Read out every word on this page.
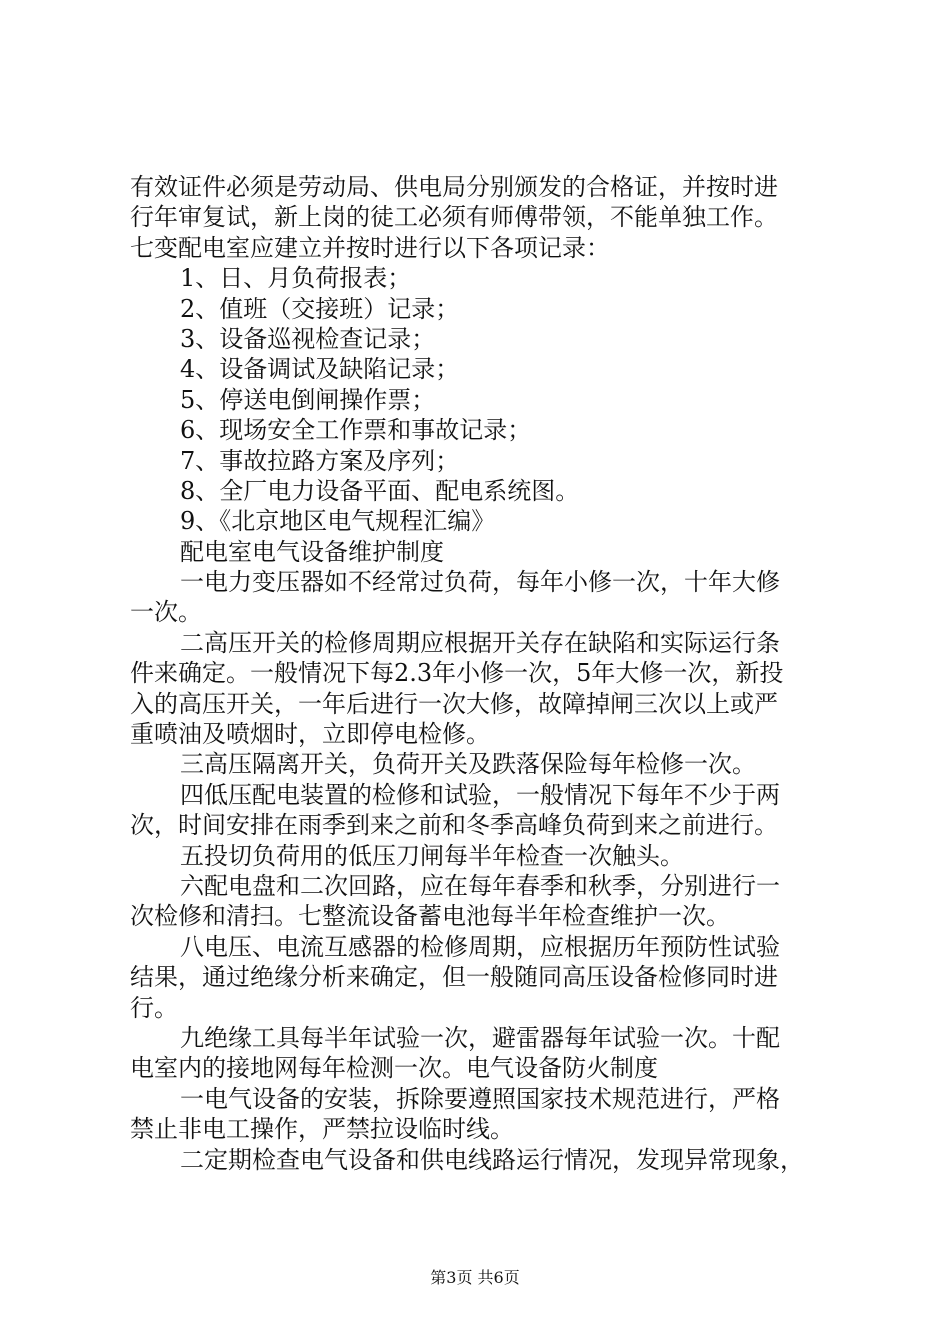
有效证件必须是劳动局、供电局分别颁发的合格证，并按时进

行年审复试，新上岗的徒工必须有师傅带领，不能单独工作。

七变配电室应建立并按时进行以下各项记录：

1、日、月负荷报表；

2、值班（交接班）记录；

3、设备巡视检查记录；

4、设备调试及缺陷记录；

5、停送电倒闸操作票；

6、现场安全工作票和事故记录；

7、事故拉路方案及序列；

8、全厂电力设备平面、配电系统图。

9、《北京地区电气规程汇编》

配电室电气设备维护制度

一电力变压器如不经常过负荷，每年小修一次，十年大修

一次。

二高压开关的检修周期应根据开关存在缺陷和实际运行条

件来确定。一般情况下每2.3年小修一次，5年大修一次，新投

入的高压开关，一年后进行一次大修，故障掉闸三次以上或严

重喷油及喷烟时，立即停电检修。

三高压隔离开关，负荷开关及跌落保险每年检修一次。

四低压配电装置的检修和试验，一般情况下每年不少于两

次，时间安排在雨季到来之前和冬季高峰负荷到来之前进行。

五投切负荷用的低压刀闸每半年检查一次触头。

六配电盘和二次回路，应在每年春季和秋季，分别进行一

次检修和清扫。七整流设备蓄电池每半年检查维护一次。

八电压、电流互感器的检修周期，应根据历年预防性试验

结果，通过绝缘分析来确定，但一般随同高压设备检修同时进

行。

九绝缘工具每半年试验一次，避雷器每年试验一次。十配

电室内的接地网每年检测一次。电气设备防火制度

一电气设备的安装，拆除要遵照国家技术规范进行，严格

禁止非电工操作，严禁拉设临时线。

二定期检查电气设备和供电线路运行情况，发现异常现象，

第3页 共6页
